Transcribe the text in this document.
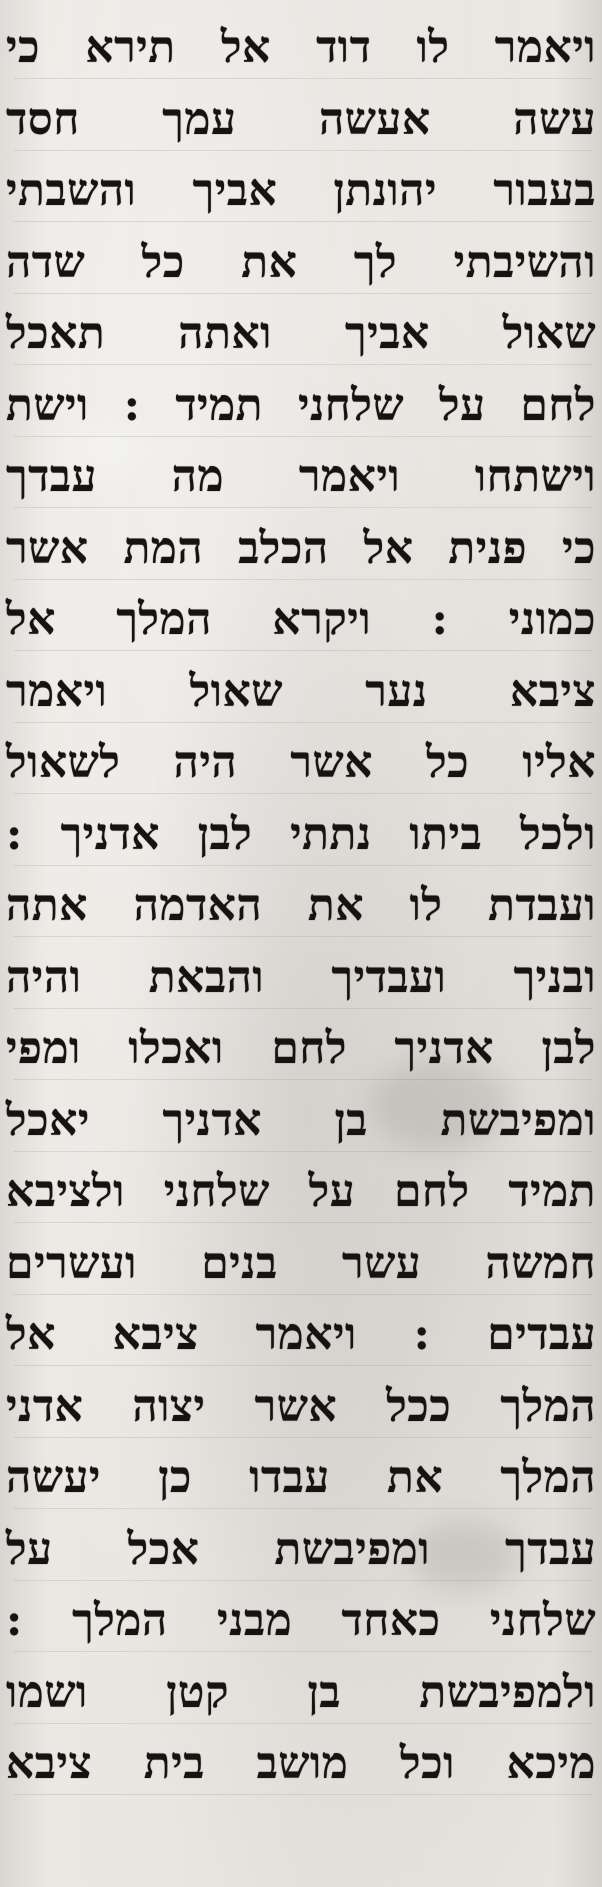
ויאמר לו דוד אל תירא כי
עשה אעשה עמך חסד
בעבור יהונתן אביך והשבתי
והשיבתי לך את כל שדה
שאול אביך ואתה תאכל
לחם על שלחני תמיד : וישת
וישתחו ויאמר מה עבדך
כי פנית אל הכלב המת אשר
כמוני : ויקרא המלך אל
ציבא נער שאול ויאמר
אליו כל אשר היה לשאול
ולכל ביתו נתתי לבן אדניך :
ועבדת לו את האדמה אתה
ובניך ועבדיך והבאת והיה
לבן אדניך לחם ואכלו ומפי
ומפיבשת בן אדניך יאכל
תמיד לחם על שלחני ולציבא
חמשה עשר בנים ועשרים
עבדים : ויאמר ציבא אל
המלך ככל אשר יצוה אדני
המלך את עבדו כן יעשה
עבדך ומפיבשת אכל על
שלחני כאחד מבני המלך :
ולמפיבשת בן קטן ושמו
מיכא וכל מושב בית ציבא
